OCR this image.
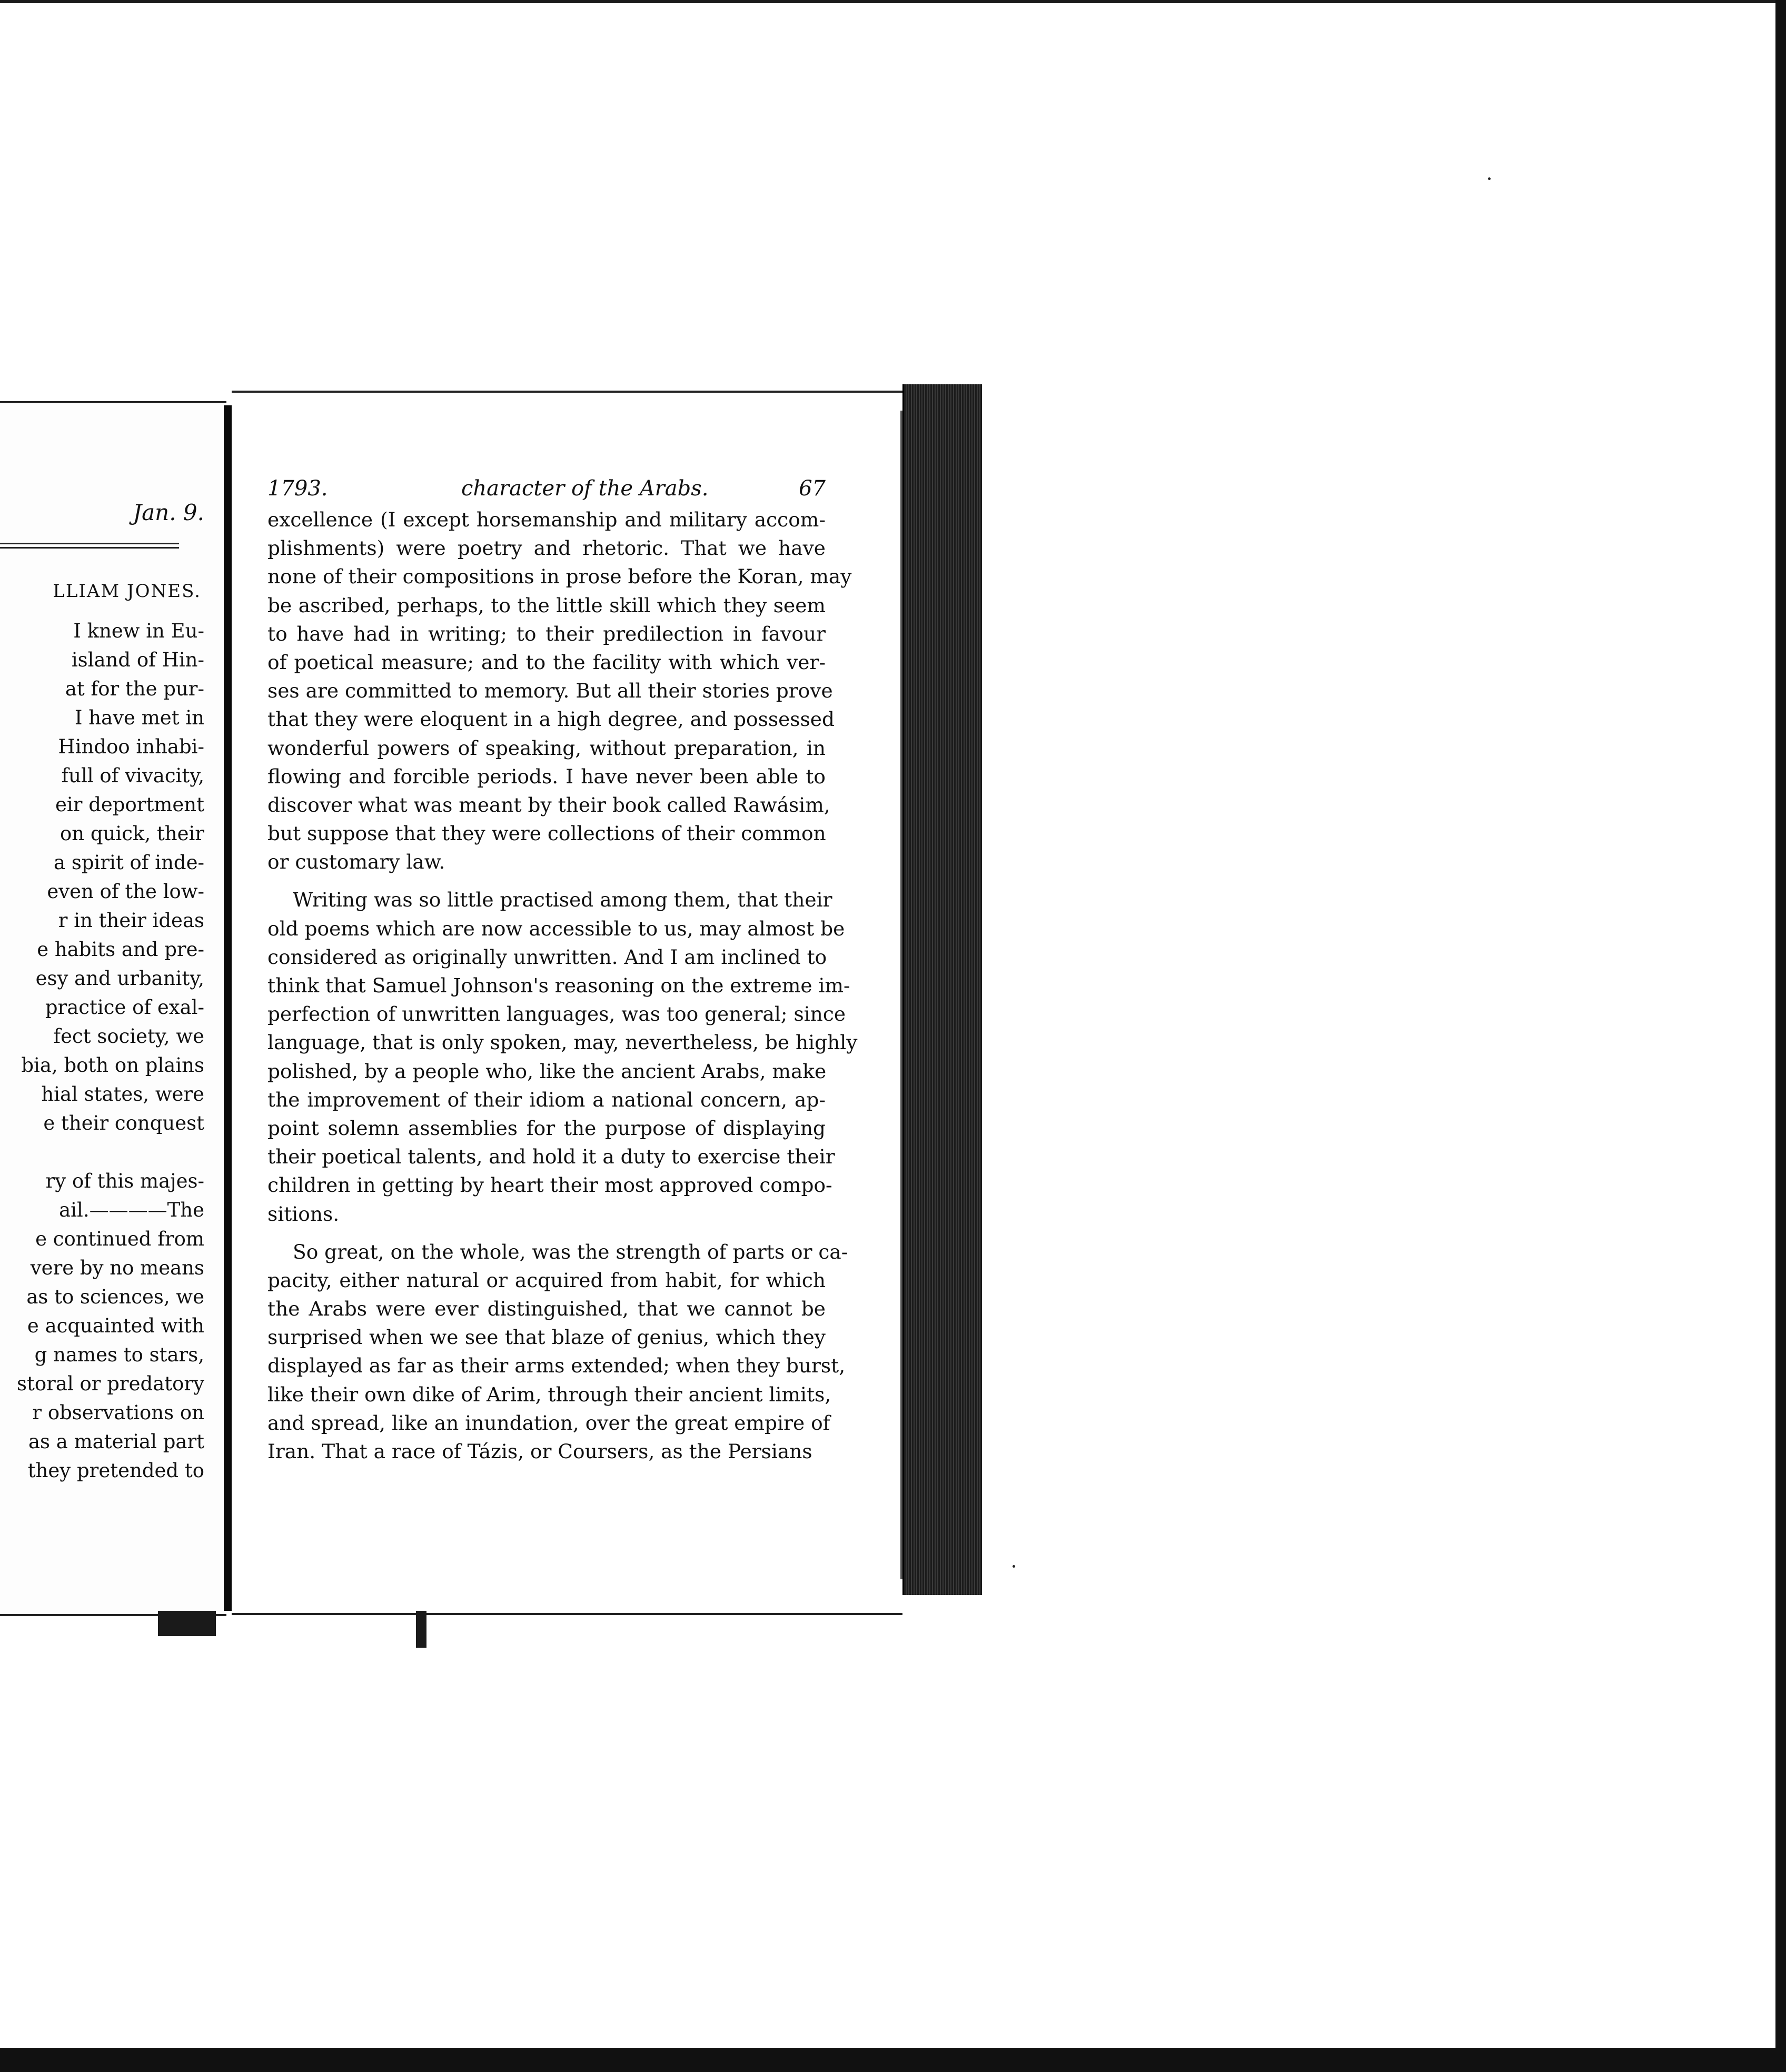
Jan. 9.
LLIAM JONES.
I knew in Eu-
island of Hin-
at for the pur-
I have met in
Hindoo inhabi-
full of vivacity,
eir deportment
on quick, their
a spirit of inde-
even of the low-
r in their ideas
e habits and pre-
esy and urbanity,
practice of exal-
fect society, we
bia, both on plains
hial states, were
e their conquest
ry of this majes-
ail.————The
e continued from
vere by no means
as to sciences, we
e acquainted with
g names to stars,
storal or predatory
r observations on
as a material part
they pretended to
1793.	character of the Arabs.	67
excellence (I except horsemanship and military accom-
plishments) were poetry and rhetoric. That we have
none of their compositions in prose before the Koran, may
be ascribed, perhaps, to the little skill which they seem
to have had in writing; to their predilection in favour
of poetical measure; and to the facility with which ver-
ses are committed to memory. But all their stories prove
that they were eloquent in a high degree, and possessed
wonderful powers of speaking, without preparation, in
flowing and forcible periods. I have never been able to
discover what was meant by their book called Rawásim,
but suppose that they were collections of their common
or customary law.
Writing was so little practised among them, that their
old poems which are now accessible to us, may almost be
considered as originally unwritten. And I am inclined to
think that Samuel Johnson's reasoning on the extreme im-
perfection of unwritten languages, was too general; since
language, that is only spoken, may, nevertheless, be highly
polished, by a people who, like the ancient Arabs, make
the improvement of their idiom a national concern, ap-
point solemn assemblies for the purpose of displaying
their poetical talents, and hold it a duty to exercise their
children in getting by heart their most approved compo-
sitions.
So great, on the whole, was the strength of parts or ca-
pacity, either natural or acquired from habit, for which
the Arabs were ever distinguished, that we cannot be
surprised when we see that blaze of genius, which they
displayed as far as their arms extended; when they burst,
like their own dike of Arim, through their ancient limits,
and spread, like an inundation, over the great empire of
Iran. That a race of Tázis, or Coursers, as the Persians
